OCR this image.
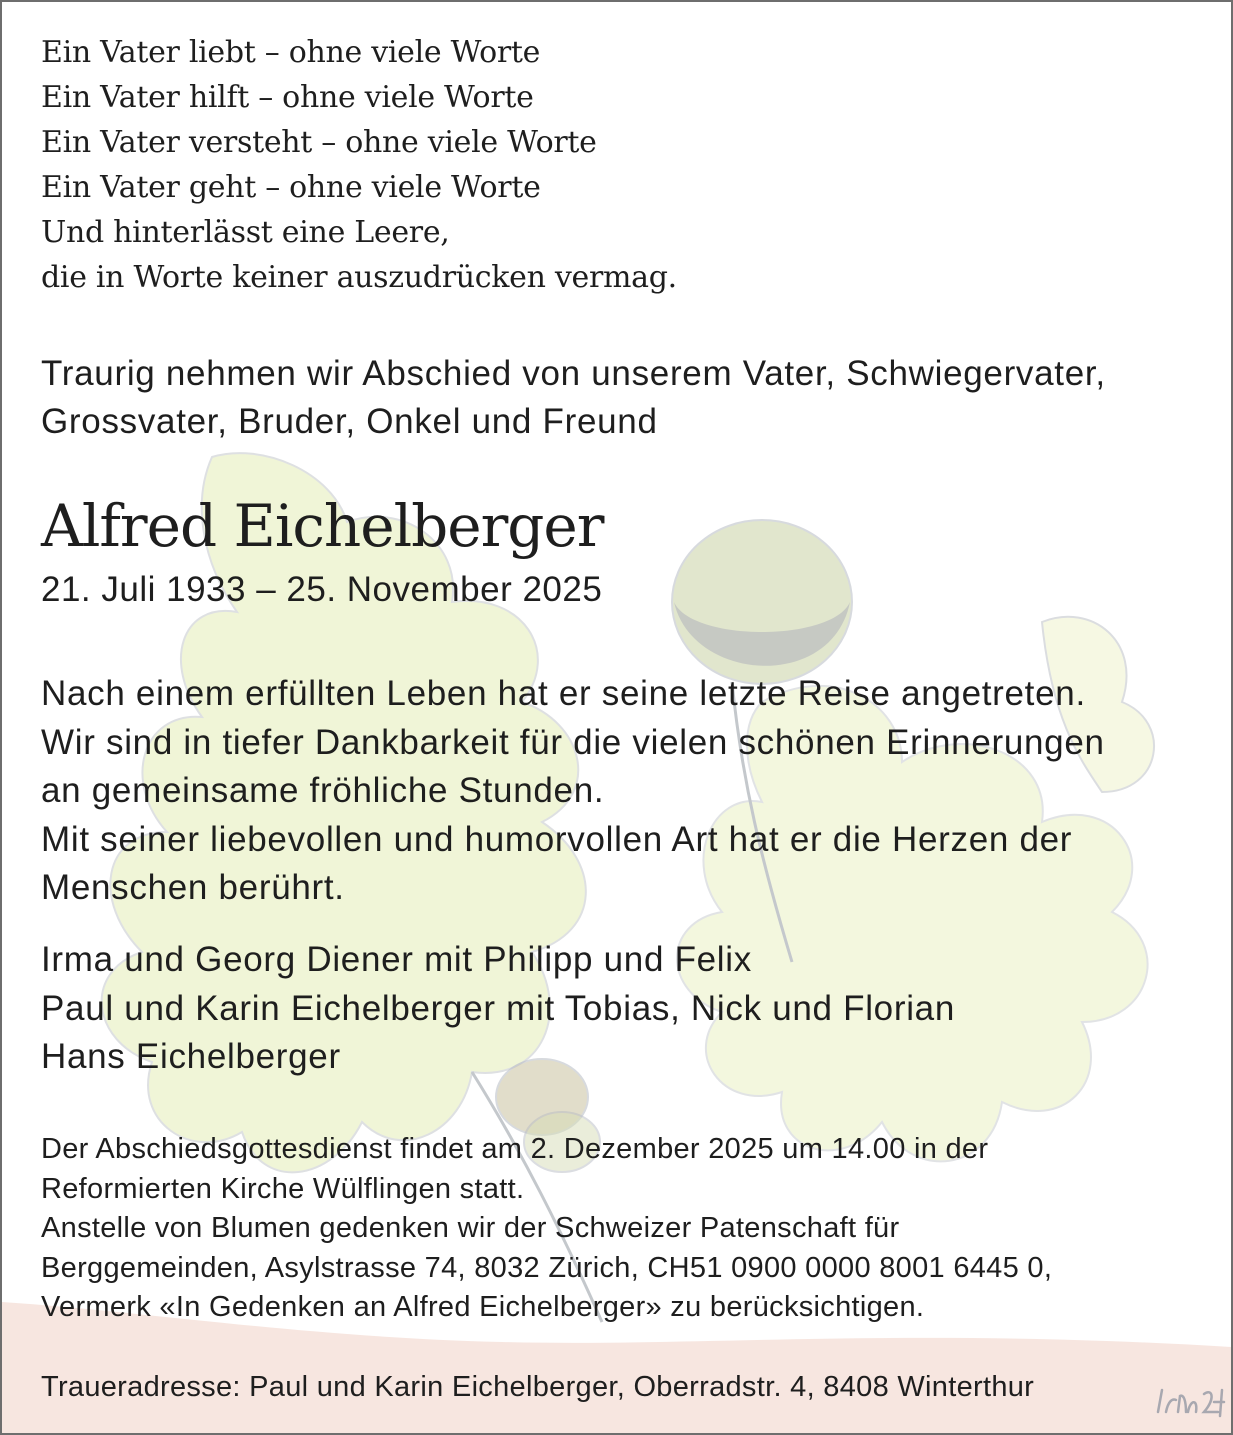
Ein Vater liebt – ohne viele Worte
Ein Vater hilft – ohne viele Worte
Ein Vater versteht – ohne viele Worte
Ein Vater geht – ohne viele Worte
Und hinterlässt eine Leere,
die in Worte keiner auszudrücken vermag.
Traurig nehmen wir Abschied von unserem Vater, Schwiegervater,
Grossvater, Bruder, Onkel und Freund
Alfred Eichelberger
21. Juli 1933 – 25. November 2025
Nach einem erfüllten Leben hat er seine letzte Reise angetreten.
Wir sind in tiefer Dankbarkeit für die vielen schönen Erinnerungen
an gemeinsame fröhliche Stunden.
Mit seiner liebevollen und humorvollen Art hat er die Herzen der
Menschen berührt.
Irma und Georg Diener mit Philipp und Felix
Paul und Karin Eichelberger mit Tobias, Nick und Florian
Hans Eichelberger
Der Abschiedsgottesdienst findet am 2. Dezember 2025 um 14.00 in der
Reformierten Kirche Wülflingen statt.
Anstelle von Blumen gedenken wir der Schweizer Patenschaft für
Berggemeinden, Asylstrasse 74, 8032 Zürich, CH51 0900 0000 8001 6445 0,
Vermerk «In Gedenken an Alfred Eichelberger» zu berücksichtigen.
Traueradresse: Paul und Karin Eichelberger, Oberradstr. 4, 8408 Winterthur
